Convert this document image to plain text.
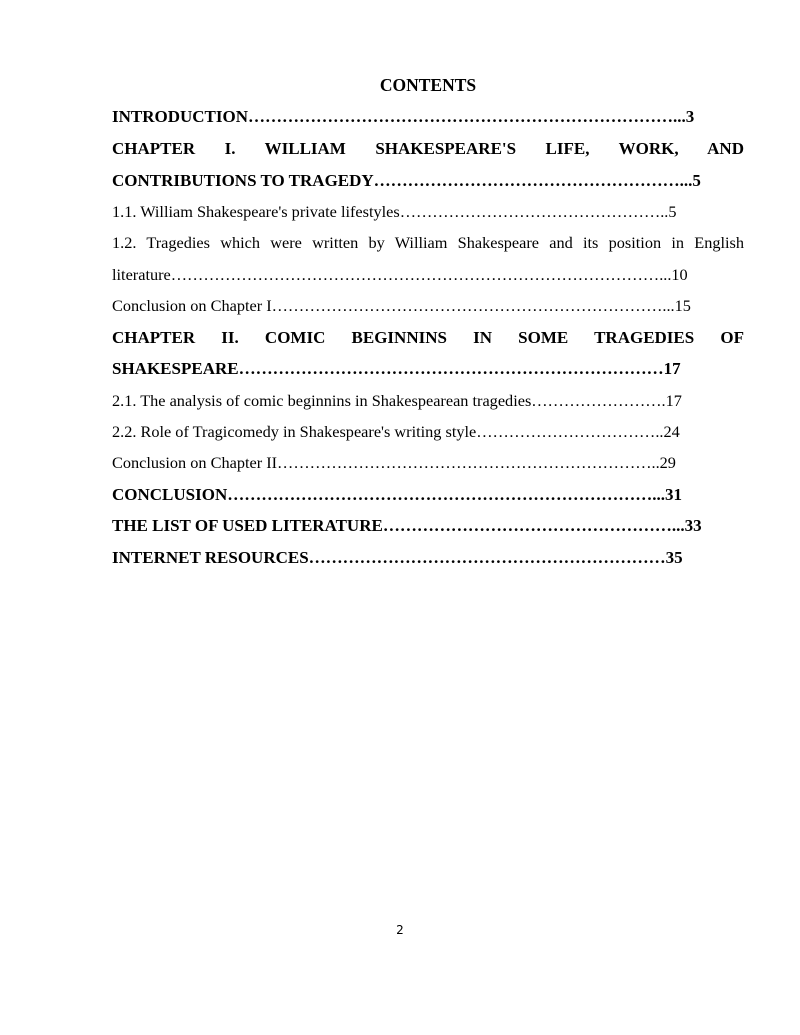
CONTENTS
INTRODUCTION…………………………………………………………………...3
CHAPTER I. WILLIAM SHAKESPEARE'S LIFE, WORK, AND
CONTRIBUTIONS TO TRAGEDY………………………………………………...5
1.1. William Shakespeare's private lifestyles…………………………………………..5
1.2. Tragedies which were written by William Shakespeare and its position in English
literature………………………………………………………………………………...10
Conclusion on Chapter I………………………………………………………………...15
CHAPTER II. COMIC BEGINNINS IN SOME TRAGEDIES OF
SHAKESPEARE…………………………………………………………………17
2.1. The analysis of comic beginnins in Shakespearean tragedies…………………….17
2.2. Role of Tragicomedy in Shakespeare's writing style……………………………..24
Conclusion on Chapter II……………………………………………………………..29
CONCLUSION…………………………………………………………………...31
THE LIST OF USED LITERATURE……………………………………………...33
INTERNET RESOURCES………………………………………………………35
2
